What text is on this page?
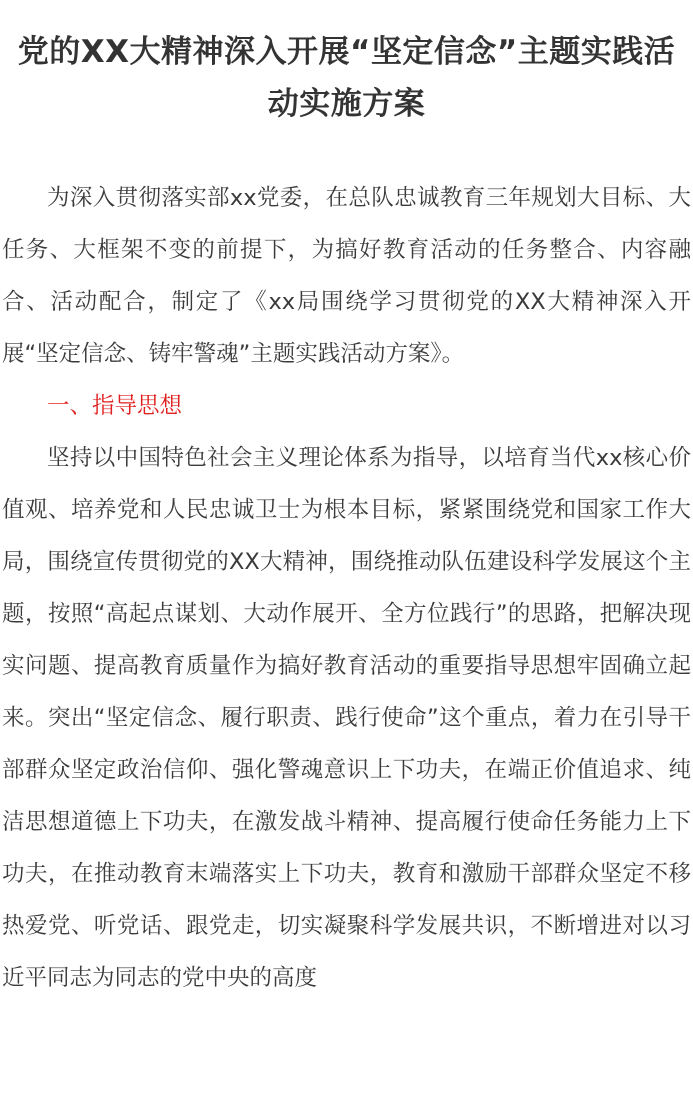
党的XX大精神深入开展“坚定信念”主题实践活动实施方案

为深入贯彻落实部xx党委，在总队忠诚教育三年规划大目标、大任务、大框架不变的前提下，为搞好教育活动的任务整合、内容融合、活动配合，制定了《xx局围绕学习贯彻党的XX大精神深入开展“坚定信念、铸牢警魂”主题实践活动方案》。

一、指导思想

坚持以中国特色社会主义理论体系为指导，以培育当代xx核心价值观、培养党和人民忠诚卫士为根本目标，紧紧围绕党和国家工作大局，围绕宣传贯彻党的XX大精神，围绕推动队伍建设科学发展这个主题，按照“高起点谋划、大动作展开、全方位践行”的思路，把解决现实问题、提高教育质量作为搞好教育活动的重要指导思想牢固确立起来。突出“坚定信念、履行职责、践行使命”这个重点，着力在引导干部群众坚定政治信仰、强化警魂意识上下功夫，在端正价值追求、纯洁思想道德上下功夫，在激发战斗精神、提高履行使命任务能力上下功夫，在推动教育末端落实上下功夫，教育和激励干部群众坚定不移热爱党、听党话、跟党走，切实凝聚科学发展共识，不断增进对以习近平同志为同志的党中央的高度
